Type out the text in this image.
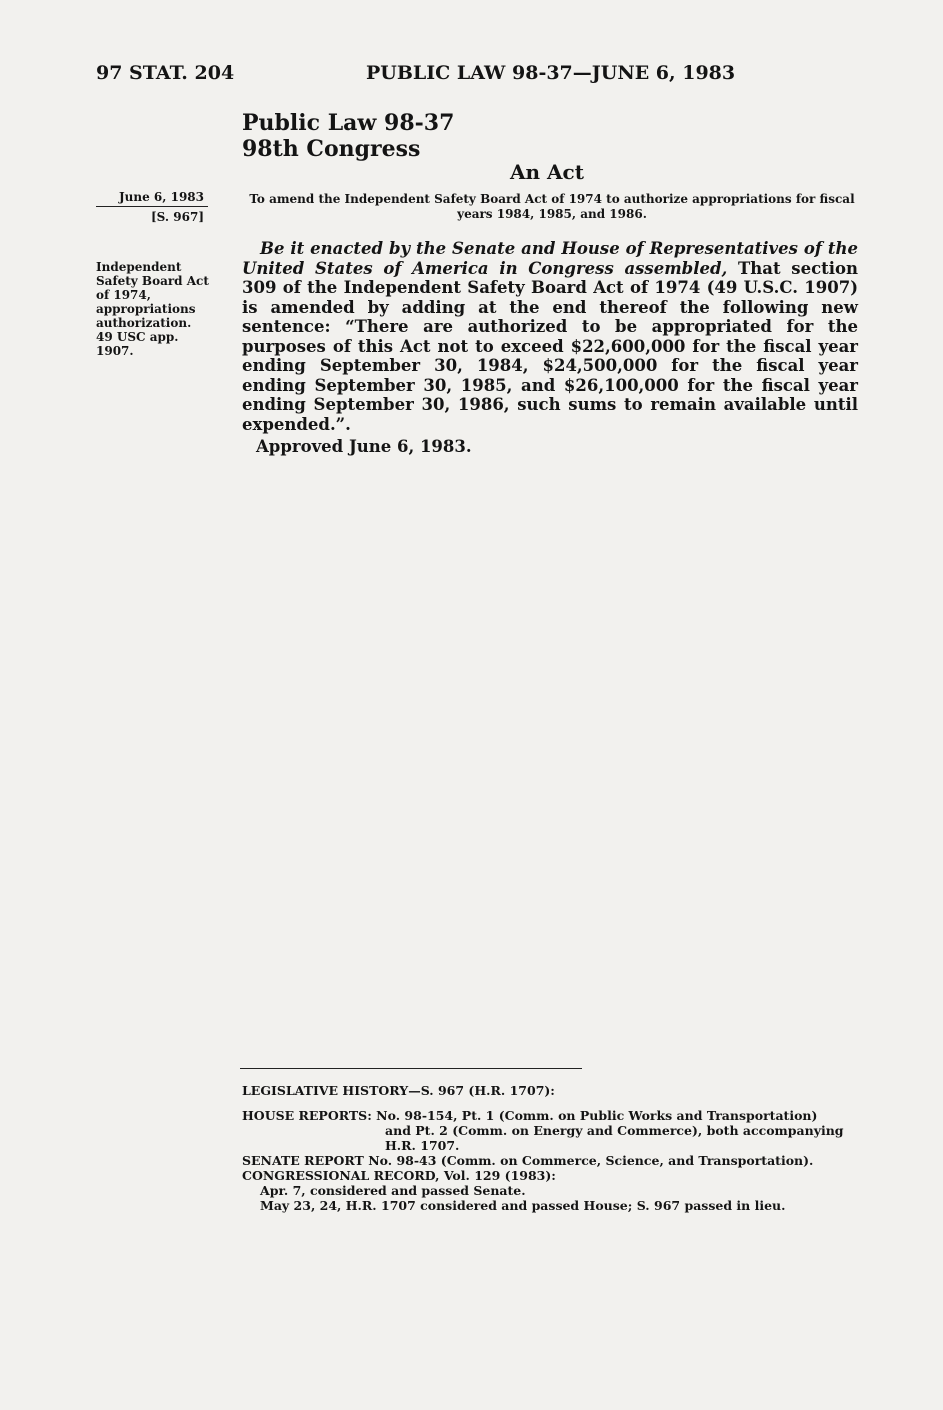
97 STAT. 204	PUBLIC LAW 98-37—JUNE 6, 1983
Public Law 98-37
98th Congress
An Act
June 6, 1983
[S. 967]
To amend the Independent Safety Board Act of 1974 to authorize appropriations for fiscal years 1984, 1985, and 1986.
Independent
Safety Board Act
of 1974,
appropriations
authorization.
49 USC app.
1907.
Be it enacted by the Senate and House of Representatives of the United States of America in Congress assembled, That section 309 of the Independent Safety Board Act of 1974 (49 U.S.C. 1907) is amended by adding at the end thereof the following new sentence: “There are authorized to be appropriated for the purposes of this Act not to exceed $22,600,000 for the fiscal year ending September 30, 1984, $24,500,000 for the fiscal year ending September 30, 1985, and $26,100,000 for the fiscal year ending September 30, 1986, such sums to remain available until expended.”.
Approved June 6, 1983.
LEGISLATIVE HISTORY—S. 967 (H.R. 1707):
HOUSE REPORTS: No. 98-154, Pt. 1 (Comm. on Public Works and Transportation)
and Pt. 2 (Comm. on Energy and Commerce), both accompanying
H.R. 1707.
SENATE REPORT No. 98-43 (Comm. on Commerce, Science, and Transportation).
CONGRESSIONAL RECORD, Vol. 129 (1983):
Apr. 7, considered and passed Senate.
May 23, 24, H.R. 1707 considered and passed House; S. 967 passed in lieu.
